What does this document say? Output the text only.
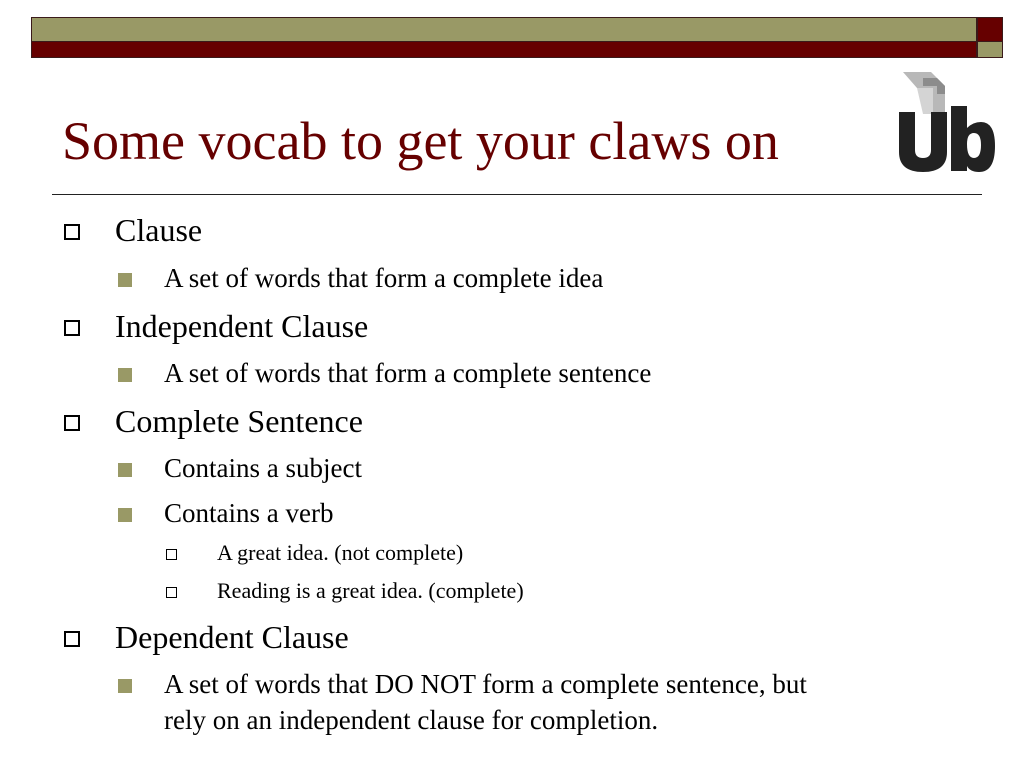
Some vocab to get your claws on
Clause
A set of words that form a complete idea
Independent Clause
A set of words that form a complete sentence
Complete Sentence
Contains a subject
Contains a verb
A great idea. (not complete)
Reading is a great idea. (complete)
Dependent Clause
A set of words that DO NOT form a complete sentence, but
rely on an independent clause for completion.
